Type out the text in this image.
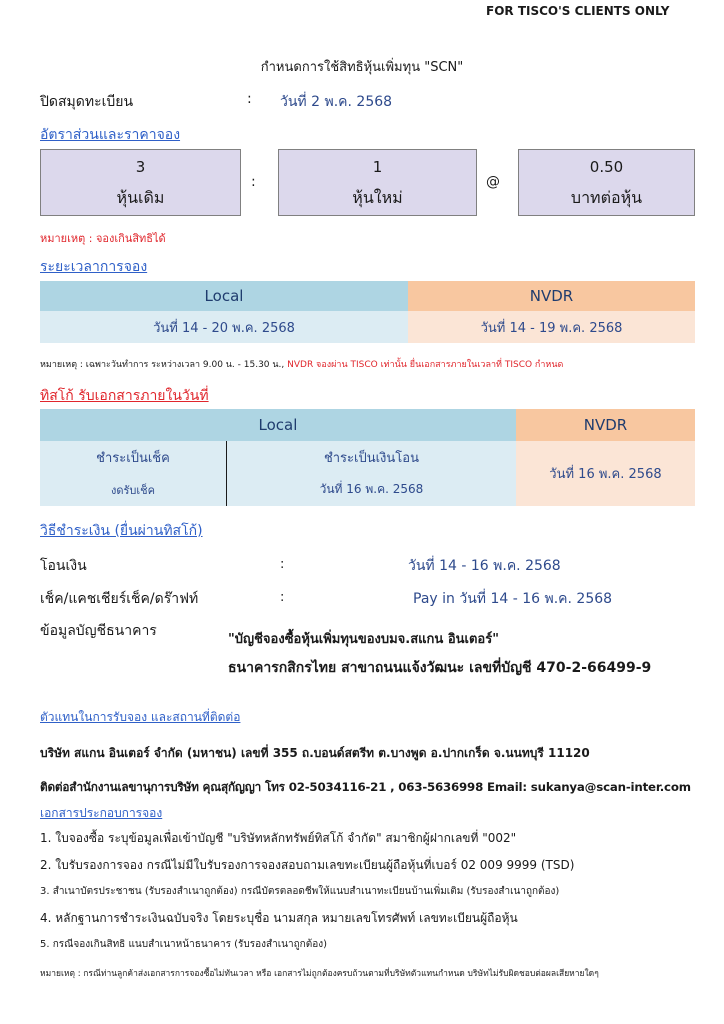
FOR TISCO'S CLIENTS ONLY
กำหนดการใช้สิทธิหุ้นเพิ่มทุน "SCN"
ปิดสมุดทะเบียน	: วันที่ 2 พ.ค. 2568
อัตราส่วนและราคาจอง
3
หุ้นเดิม
:
1
หุ้นใหม่
@
0.50
บาทต่อหุ้น
หมายเหตุ : จองเกินสิทธิได้
ระยะเวลาการจอง
Local	NVDR
วันที่ 14 - 20 พ.ค. 2568	วันที่ 14 - 19 พ.ค. 2568
หมายเหตุ : เฉพาะวันทำการ ระหว่างเวลา 9.00 น. - 15.30 น., NVDR จองผ่าน TISCO เท่านั้น ยื่นเอกสารภายในเวลาที่ TISCO กำหนด
ทิสโก้ รับเอกสารภายในวันที่
Local		NVDR
ชำระเป็นเช็ค	ชำระเป็นเงินโอน	วันที่ 16 พ.ค. 2568
งดรับเช็ค	วันที่ 16 พ.ค. 2568	
วิธีชำระเงิน (ยื่นผ่านทิสโก้)
โอนเงิน	:	วันที่ 14 - 16 พ.ค. 2568
เช็ค/แคชเชียร์เช็ค/ดร๊าฟท์	:	Pay in วันที่ 14 - 16 พ.ค. 2568
ข้อมูลบัญชีธนาคาร
"บัญชีจองซื้อหุ้นเพิ่มทุนของบมจ.สแกน อินเตอร์"
ธนาคารกสิกรไทย สาขาถนนแจ้งวัฒนะ เลขที่บัญชี 470-2-66499-9
ตัวแทนในการรับจอง และสถานที่ติดต่อ
บริษัท สแกน อินเตอร์ จำกัด (มหาชน) เลขที่ 355 ถ.บอนด์สตรีท ต.บางพูด อ.ปากเกร็ด จ.นนทบุรี 11120
ติดต่อสำนักงานเลขานุการบริษัท คุณสุกัญญา โทร 02-5034116-21 , 063-5636998 Email: sukanya@scan-inter.com
เอกสารประกอบการจอง
1. ใบจองซื้อ ระบุข้อมูลเพื่อเข้าบัญชี "บริษัทหลักทรัพย์ทิสโก้ จำกัด" สมาชิกผู้ฝากเลขที่ "002"
2. ใบรับรองการจอง กรณีไม่มีใบรับรองการจองสอบถามเลขทะเบียนผู้ถือหุ้นที่เบอร์ 02 009 9999 (TSD)
3. สำเนาบัตรประชาชน (รับรองสำเนาถูกต้อง) กรณีบัตรตลอดชีพให้แนบสำเนาทะเบียนบ้านเพิ่มเติม (รับรองสำเนาถูกต้อง)
4. หลักฐานการชำระเงินฉบับจริง โดยระบุชื่อ นามสกุล หมายเลขโทรศัพท์ เลขทะเบียนผู้ถือหุ้น
5. กรณีจองเกินสิทธิ แนบสำเนาหน้าธนาคาร (รับรองสำเนาถูกต้อง)
หมายเหตุ : กรณีท่านลูกค้าส่งเอกสารการจองซื้อไม่ทันเวลา หรือ เอกสารไม่ถูกต้องครบถ้วนตามที่บริษัทตัวแทนกำหนด บริษัทไม่รับผิดชอบต่อผลเสียหายใดๆ
